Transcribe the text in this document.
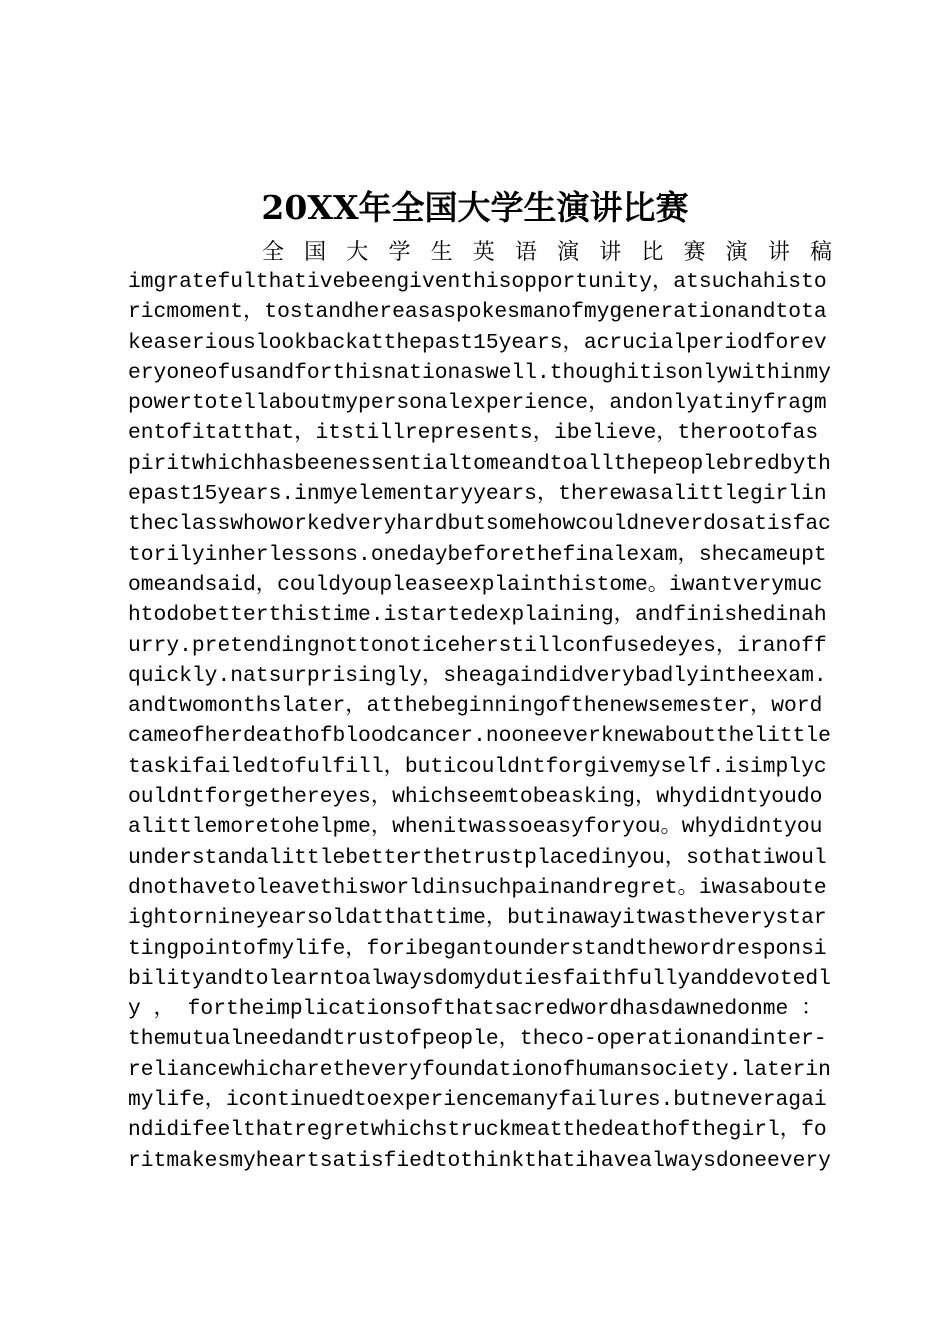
20XX年全国大学生演讲比赛
全 国 大 学 生 英 语 演 讲 比 赛 演 讲 稿
imgratefulthativebeengiventhisopportunity，atsuchahisto
ricmoment，tostandhereasaspokesmanofmygenerationandtota
keaseriouslookbackatthepast15years，acrucialperiodforev
eryoneofusandforthisnationaswell.thoughitisonlywithinmy
powertotellaboutmypersonalexperience，andonlyatinyfragm
entofitatthat，itstillrepresents，ibelieve，therootofas
piritwhichhasbeenessentialtomeandtoallthepeoplebredbyth
epast15years.inmyelementaryyears，therewasalittlegirlin
theclasswhoworkedveryhardbutsomehowcouldneverdosatisfac
torilyinherlessons.onedaybeforethefinalexam，shecameupt
omeandsaid，couldyoupleaseexplainthistome。iwantverymuc
htodobetterthistime.istartedexplaining，andfinishedinah
urry.pretendingnottonoticeherstillconfusedeyes，iranoff
quickly.natsurprisingly，sheagaindidverybadlyintheexam.
andtwomonthslater，atthebeginningofthenewsemester，word
cameofherdeathofbloodcancer.nooneeverknewaboutthelittle
taskifailedtofulfill，buticouldntforgivemyself.isimplyc
ouldntforgethereyes，whichseemtobeasking，whydidntyoudo
alittlemoretohelpme，whenitwassoeasyforyou。whydidntyou
understandalittlebetterthetrustplacedinyou，sothatiwoul
dnothavetoleavethisworldinsuchpainandregret。iwasaboute
ightornineyearsoldatthattime，butinawayitwastheverystar
tingpointofmylife，foribegantounderstandthewordresponsi
bilityandtolearntoalwaysdomydutiesfaithfullyanddevotedl
y ， fortheimplicationsofthatsacredwordhasdawnedonme ：
themutualneedandtrustofpeople，theco-operationandinter-
reliancewhicharetheveryfoundationofhumansociety.laterin
mylife，icontinuedtoexperiencemanyfailures.butneveragai
ndidifeelthatregretwhichstruckmeatthedeathofthegirl，fo
ritmakesmyheartsatisfiedtothinkthatihavealwaysdoneevery
